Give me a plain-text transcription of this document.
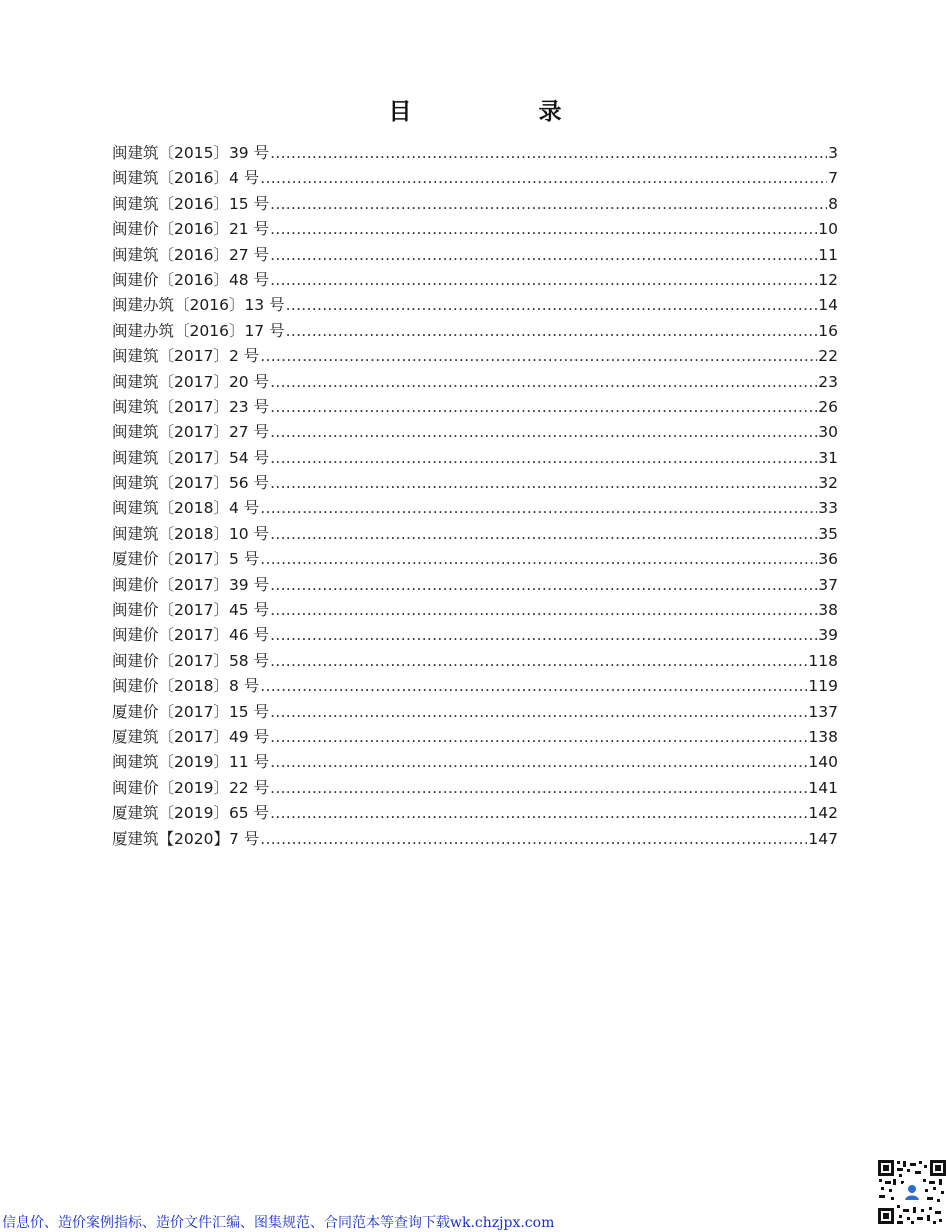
目　录
闽建筑〔2015〕39 号 .....	3
闽建筑〔2016〕4 号 .....	7
闽建筑〔2016〕15 号 .....	8
闽建价〔2016〕21 号 .....	10
闽建筑〔2016〕27 号 .....	11
闽建价〔2016〕48 号 .....	12
闽建办筑〔2016〕13 号 .....	14
闽建办筑〔2016〕17 号 .....	16
闽建筑〔2017〕2 号 .....	22
闽建筑〔2017〕20 号 .....	23
闽建筑〔2017〕23 号 .....	26
闽建筑〔2017〕27 号 .....	30
闽建筑〔2017〕54 号 .....	31
闽建筑〔2017〕56 号 .....	32
闽建筑〔2018〕4 号 .....	33
闽建筑〔2018〕10 号 .....	35
厦建价〔2017〕5 号 .....	36
闽建价〔2017〕39 号 .....	37
闽建价〔2017〕45 号 .....	38
闽建价〔2017〕46 号 .....	39
闽建价〔2017〕58 号 .....	118
闽建价〔2018〕8 号 .....	119
厦建价〔2017〕15 号 .....	137
厦建筑〔2017〕49 号 .....	138
闽建筑〔2019〕11 号 .....	140
闽建价〔2019〕22 号 .....	141
厦建筑〔2019〕65 号 .....	142
厦建筑【2020】7 号 .....	147
信息价、造价案例指标、造价文件汇编、图集规范、合同范本等查询下载wk.chzjpx.com
